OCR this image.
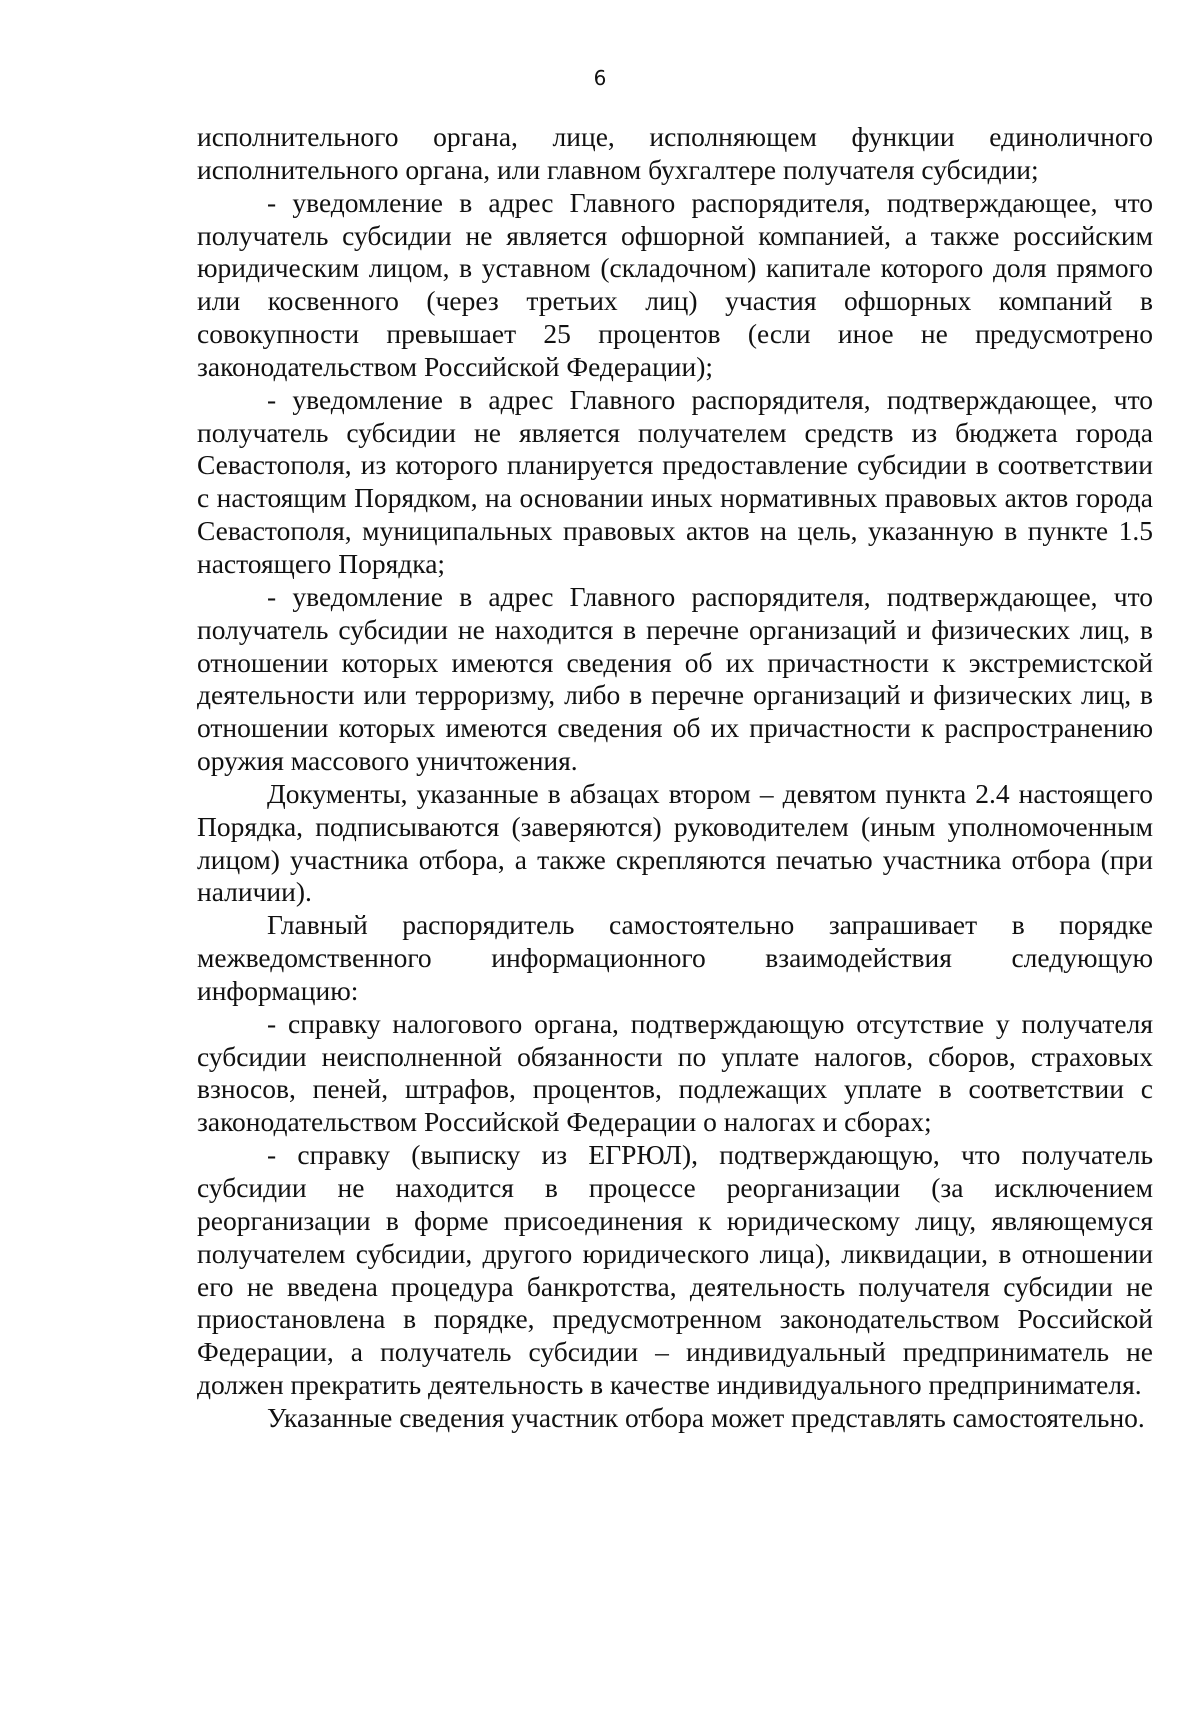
6

исполнительного органа, лице, исполняющем функции единоличного исполнительного органа, или главном бухгалтере получателя субсидии;

- уведомление в адрес Главного распорядителя, подтверждающее, что получатель субсидии не является офшорной компанией, а также российским юридическим лицом, в уставном (складочном) капитале которого доля прямого или косвенного (через третьих лиц) участия офшорных компаний в совокупности превышает 25 процентов (если иное не предусмотрено законодательством Российской Федерации);

- уведомление в адрес Главного распорядителя, подтверждающее, что получатель субсидии не является получателем средств из бюджета города Севастополя, из которого планируется предоставление субсидии в соответствии с настоящим Порядком, на основании иных нормативных правовых актов города Севастополя, муниципальных правовых актов на цель, указанную в пункте 1.5 настоящего Порядка;

- уведомление в адрес Главного распорядителя, подтверждающее, что получатель субсидии не находится в перечне организаций и физических лиц, в отношении которых имеются сведения об их причастности к экстремистской деятельности или терроризму, либо в перечне организаций и физических лиц, в отношении которых имеются сведения об их причастности к распространению оружия массового уничтожения.

Документы, указанные в абзацах втором – девятом пункта 2.4 настоящего Порядка, подписываются (заверяются) руководителем (иным уполномоченным лицом) участника отбора, а также скрепляются печатью участника отбора (при наличии).

Главный распорядитель самостоятельно запрашивает в порядке межведомственного информационного взаимодействия следующую информацию:

- справку налогового органа, подтверждающую отсутствие у получателя субсидии неисполненной обязанности по уплате налогов, сборов, страховых взносов, пеней, штрафов, процентов, подлежащих уплате в соответствии с законодательством Российской Федерации о налогах и сборах;

- справку (выписку из ЕГРЮЛ), подтверждающую, что получатель субсидии не находится в процессе реорганизации (за исключением реорганизации в форме присоединения к юридическому лицу, являющемуся получателем субсидии, другого юридического лица), ликвидации, в отношении его не введена процедура банкротства, деятельность получателя субсидии не приостановлена в порядке, предусмотренном законодательством Российской Федерации, а получатель субсидии – индивидуальный предприниматель не должен прекратить деятельность в качестве индивидуального предпринимателя.

Указанные сведения участник отбора может представлять самостоятельно.
